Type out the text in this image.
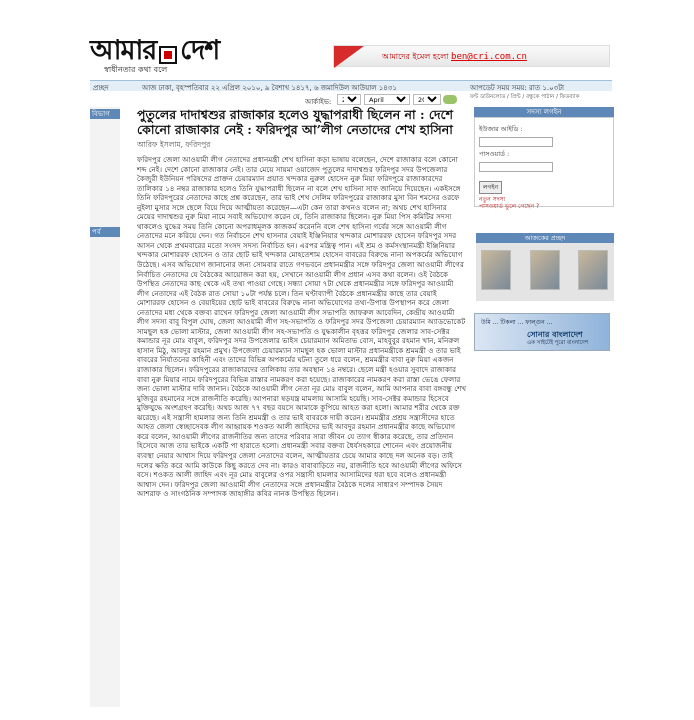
আমার দেশ
স্বাধীনতার কথা বলে
আমাদের ইমেল হলো ben@cri.com.cn
প্রচ্ছদ	আজ ঢাকা, বৃহস্পতিবার ২২ এপ্রিল ২০১০, ৯ বৈশাখ ১৪১৭, ৬ জমাদিউল আউয়াল ১৪৩১	আপডেট সময় সময়: রাত ১.০৩টা
আর্কাইভ:
21
April
2010
ফন্ট ডাউনলোড / প্রিন্ট / বন্ধুকে পাঠান / ফিডব্যাক
বিভাগ
পর্ব
পুতুলের দাদাশ্বশুর রাজাকার হলেও যুদ্ধাপরাধী ছিলেন না : দেশে কোনো রাজাকার নেই : ফরিদপুর আ’লীগ নেতাদের শেখ হাসিনা
আরিফ ইসলাম, ফরিদপুর

ফরিদপুর জেলা আওয়ামী লীগ নেতাদের প্রধানমন্ত্রী শেখ হাসিনা কড়া ভাষায় বলেছেন, দেশে রাজাকার বলে কোনো শব্দ নেই। দেশে কোনো রাজাকার নেই। তার মেয়ে সায়মা ওয়াজেদ পুতুলের দাদাশ্বশুর ফরিদপুর সদর উপজেলার কৈজুরী ইউনিয়ন পরিষদের প্রাক্তন চেয়ারম্যান প্রয়াত খন্দকার নুরুল হোসেন নুরু মিয়া ফরিদপুরে রাজাকারদের তালিকার ১৪ নম্বর রাজাকার হলেও তিনি যুদ্ধাপরাধী ছিলেন না বলে শেখ হাসিনা সাফ জানিয়ে দিয়েছেন। একইসঙ্গে তিনি ফরিদপুরের নেতাদের কাছে প্রশ্ন করেছেন, তার ভাই শেখ সেলিম ফরিদপুরের রাজাকার মুসা বিন শমসের ওরফে নুইলা মুসার সঙ্গে ছেলে বিয়ে দিয়ে আত্মীয়তা করেছেন—এটা কেন তারা কখনও বলেন না; অথচ শেখ হাসিনার মেয়ের দাদাশ্বশুর নুরু মিয়া নামে সবাই অভিযোগ করেন যে, তিনি রাজাকার ছিলেন। নুরু মিয়া পিস কমিটির সদস্য থাকলেও যুদ্ধের সময় তিনি কোনো অপরাধমূলক কাজকর্ম করেননি বলে শেখ হাসিনা গর্বের সঙ্গে আওয়ামী লীগ নেতাদের মনে করিয়ে দেন। গত নির্বাচনে শেখ হাসনার বেয়াই ইঞ্জিনিয়ার খন্দকার মোশাররফ হোসেন ফরিদপুর সদর আসন থেকে প্রথমবারের মতো সংসদ সদস্য নির্বাচিত হন। এরপর মন্ত্রিত্ব পান। এই শ্রম ও কর্মসংস্থানমন্ত্রী ইঞ্জিনিয়ার খন্দকার মোশাররফ হোসেন ও তার ছোট ভাই খন্দকার মোহতেশাম হোসেন বাবরের বিরুদ্ধে নানা অপকর্মের অভিযোগ উঠেছে। এসব অভিযোগ জানানোর জন্য সোমবার রাতে গণভবনে প্রধানমন্ত্রীর সঙ্গে ফরিদপুর জেলা আওয়ামী লীগের নির্বাচিত নেতাদের যে বৈঠকের আয়োজন করা হয়, সেখানে আওয়ামী লীগ প্রধান এসব কথা বলেন। ওই বৈঠকে উপস্থিত নেতাদের কাছ থেকে এই তথ্য পাওয়া গেছে। সন্ধ্যা সোয়া ৭টা থেকে প্রধানমন্ত্রীর সঙ্গে ফরিদপুর আওয়ামী লীগ নেতাদের এই বৈঠক রাত সোয়া ১০টা পর্যন্ত চলে। তিন ঘণ্টাব্যাপী বৈঠকে প্রধানমন্ত্রীর কাছে তার বেয়াই মোশাররফ হোসেন ও বেয়াইয়ের ছোট ভাই বাবরের বিরুদ্ধে নানা অভিযোগের তথ্য-উপাত্ত উপস্থাপন করে জেলা নেতাদের মধ্য থেকে বক্তব্য রাখেন ফরিদপুর জেলা আওয়ামী লীগ সভাপতি জাফরুল আবেদিন, কেন্দ্রীয় আওয়ামী লীগ সদস্য বাবু বিপুল ঘোষ, জেলা আওয়ামী লীগ সহ-সভাপতি ও ফরিদপুর সদর উপজেলা চেয়ারম্যান অ্যাডভোকেট সামছুল হক ভোলা মাস্টার, জেলা আওয়ামী লীগ সহ-সভাপতি ও যুদ্ধকালীন বৃহত্তর ফরিদপুর জেলার সাব-সেক্টর কমান্ডার নূর মোঃ বাবুল, ফরিদপুর সদর উপজেলার ভাইস চেয়ারম্যান অমিতাভ বোস, মাহবুবুর রহমান খান, মনিরুল হাসান মিঠু, আবদুর রহমান প্রমুখ। উপজেলা চেয়ারম্যান সামছুল হক ভোলা মাস্টার প্রধানমন্ত্রীকে শ্রমমন্ত্রী ও তার ভাই বাবরের নির্যাতনের কাহিনী এবং তাদের বিভিন্ন অপকর্মের ঘটনা তুলে ধরে বলেন, শ্রমমন্ত্রীর বাবা নুরু মিয়া একজন রাজাকার ছিলেন। ফরিদপুরের রাজাকারদের তালিকায় তার অবস্থান ১৪ নম্বরে। ছেলে মন্ত্রী হওয়ার সুবাদে রাজাকার বাবা নুরু মিয়ার নামে ফরিদপুরের বিভিন্ন রাস্তার নামকরণ করা হয়েছে। রাজাকারের নামকরণ করা রাস্তা ভেঙে ফেলার জন্য ভোলা মাস্টার দাবি জানান। বৈঠকে আওয়ামী লীগ নেতা নূর মোঃ বাবুল বলেন, আমি আপনার বাবা বঙ্গবন্ধু শেখ মুজিবুর রহমানের সঙ্গে রাজনীতি করেছি। আপনারা ষড়যন্ত্র মামলায় আসামি হয়েছি। সাব-সেক্টর কমান্ডার হিসেবে মুক্তিযুদ্ধে অংশগ্রহণ করেছি। অথচ আজ ৭৭ বছর বয়সে আমাকে কুপিয়ে আহত করা হলো। আমার শরীর থেকে রক্ত ঝরেছে। এই সন্ত্রাসী হামলার জন্য তিনি শ্রমমন্ত্রী ও তার ভাই বাবরকে দায়ী করেন। শ্রমমন্ত্রীর প্রশ্রয় সন্ত্রাসীদের হাতে আহত জেলা স্বেচ্ছাসেবক লীগ আহ্বায়ক শওকত আলী জাহিদের ভাই আবদুর রহমান প্রধানমন্ত্রীর কাছে অভিযোগ করে বলেন, আওয়ামী লীগের রাজনীতির জন্য তাদের পরিবার সারা জীবন যে ত্যাগ স্বীকার করেছে, তার প্রতিদান হিসেবে আজ তার ভাইকে একটি পা হারাতে হলো। প্রধানমন্ত্রী সবার বক্তব্য ধৈর্যসহকারে শোনেন এবং প্রয়োজনীয় ব্যবস্থা নেয়ার আশ্বাস দিয়ে ফরিদপুর জেলা নেতাদের বলেন, আত্মীয়তার চেয়ে আমার কাছে দল অনেক বড়। তাই দলের ক্ষতি করে আমি কাউকে কিছু করতে দেব না। কারও বাবাবাড়িতে নয়, রাজনীতি হবে আওয়ামী লীগের অফিসে বসে। শওকত আলী জাহিদ এবং নূর মোঃ বাবুলের ওপর সন্ত্রাসী হামলার আসামিদের ধরা হবে বলেও প্রধানমন্ত্রী আশ্বাস দেন। ফরিদপুর জেলা আওয়ামী লীগ নেতাদের সঙ্গে প্রধানমন্ত্রীর বৈঠকে দলের সাধারণ সম্পাদক সৈয়দ আশরাফ ও সাংগঠনিক সম্পাদক জাহাঙ্গীর কবির নানক উপস্থিত ছিলেন।

সদস্য লগইন
ইউজার আইডি :
পাসওয়ার্ড :
লগইন
নতুন সদস্য
পাসওয়ার্ড ভুলে গেছেন ?
আজকের প্রচ্ছদ
উমি ... টিকলা ... ফাল্গুন ...
সোনার বাংলাদেশ
এক সাইটেই পুরো বাংলাদেশ
